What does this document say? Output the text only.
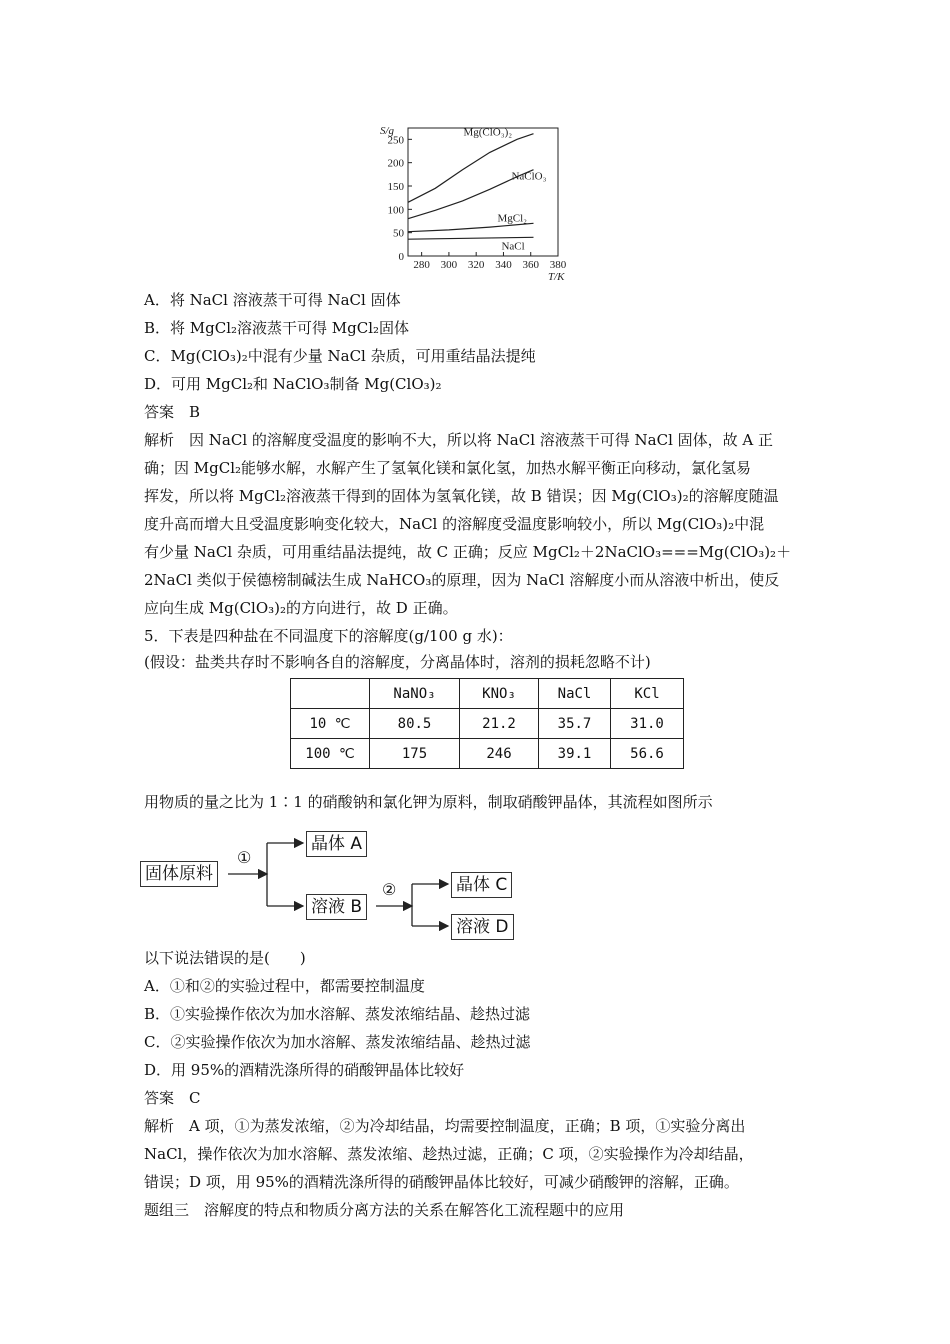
0
50
100
150
200
250
280 300 320 340 360 380
S/g
T/K
Mg(ClO₃)₂
NaClO₃
MgCl₂
NaCl
A．将 NaCl 溶液蒸干可得 NaCl 固体
B．将 MgCl₂溶液蒸干可得 MgCl₂固体
C．Mg(ClO₃)₂中混有少量 NaCl 杂质，可用重结晶法提纯
D．可用 MgCl₂和 NaClO₃制备 Mg(ClO₃)₂
答案　B
解析　因 NaCl 的溶解度受温度的影响不大，所以将 NaCl 溶液蒸干可得 NaCl 固体，故 A 正
确；因 MgCl₂能够水解，水解产生了氢氧化镁和氯化氢，加热水解平衡正向移动，氯化氢易
挥发，所以将 MgCl₂溶液蒸干得到的固体为氢氧化镁，故 B 错误；因 Mg(ClO₃)₂的溶解度随温
度升高而增大且受温度影响变化较大，NaCl 的溶解度受温度影响较小，所以 Mg(ClO₃)₂中混
有少量 NaCl 杂质，可用重结晶法提纯，故 C 正确；反应 MgCl₂＋2NaClO₃===Mg(ClO₃)₂＋
2NaCl 类似于侯德榜制碱法生成 NaHCO₃的原理，因为 NaCl 溶解度小而从溶液中析出，使反
应向生成 Mg(ClO₃)₂的方向进行，故 D 正确。
5．下表是四种盐在不同温度下的溶解度(g/100 g 水)：
(假设：盐类共存时不影响各自的溶解度，分离晶体时，溶剂的损耗忽略不计)
	NaNO₃	KNO₃	NaCl	KCl
10 ℃	80.5	21.2	35.7	31.0
100 ℃	175	246	39.1	56.6
用物质的量之比为 1∶1 的硝酸钠和氯化钾为原料，制取硝酸钾晶体，其流程如图所示
固体原料
①
晶体 A
溶液 B
②	晶体 C
溶液 D
以下说法错误的是(　　)
A．①和②的实验过程中，都需要控制温度
B．①实验操作依次为加水溶解、蒸发浓缩结晶、趁热过滤
C．②实验操作依次为加水溶解、蒸发浓缩结晶、趁热过滤
D．用 95%的酒精洗涤所得的硝酸钾晶体比较好
答案　C
解析　A 项，①为蒸发浓缩，②为冷却结晶，均需要控制温度，正确；B 项，①实验分离出
NaCl，操作依次为加水溶解、蒸发浓缩、趁热过滤，正确；C 项，②实验操作为冷却结晶，
错误；D 项，用 95%的酒精洗涤所得的硝酸钾晶体比较好，可减少硝酸钾的溶解，正确。
题组三　溶解度的特点和物质分离方法的关系在解答化工流程题中的应用
